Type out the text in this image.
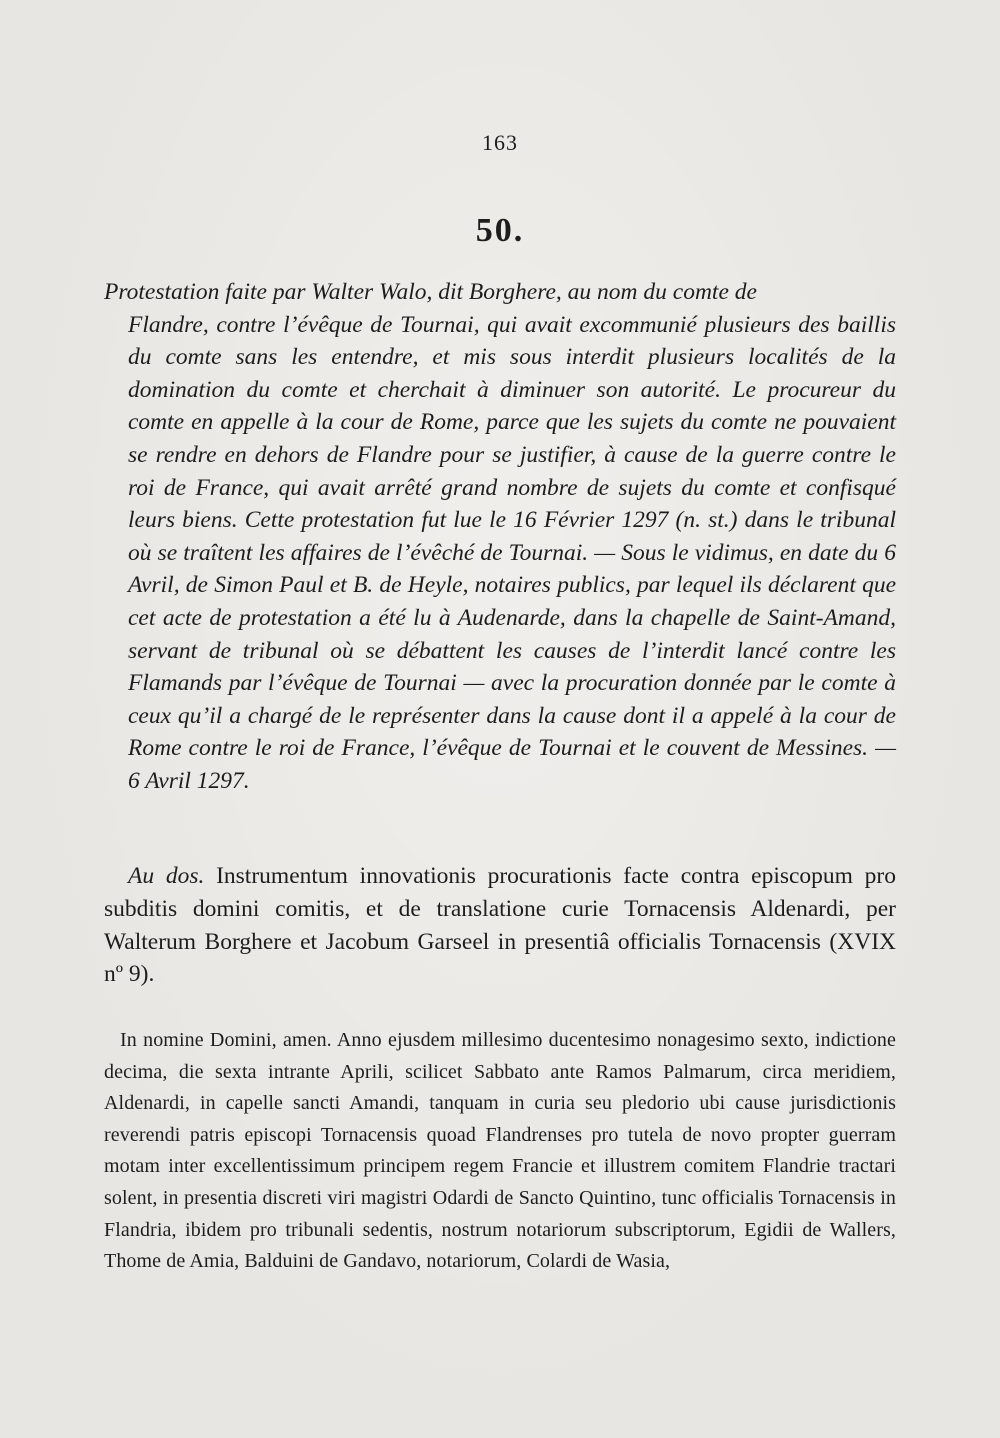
163
50.
Protestation faite par Walter Walo, dit Borghere, au nom du comte de
Flandre, contre l’évêque de Tournai, qui avait excommunié plusieurs des baillis du comte sans les entendre, et mis sous interdit plusieurs localités de la domination du comte et cherchait à diminuer son autorité. Le procureur du comte en appelle à la cour de Rome, parce que les sujets du comte ne pouvaient se rendre en dehors de Flandre pour se justifier, à cause de la guerre contre le roi de France, qui avait arrêté grand nombre de sujets du comte et confisqué leurs biens. Cette protestation fut lue le 16 Février 1297 (n. st.) dans le tribunal où se traîtent les affaires de l’évêché de Tournai. — Sous le vidimus, en date du 6 Avril, de Simon Paul et B. de Heyle, notaires publics, par lequel ils déclarent que cet acte de protestation a été lu à Audenarde, dans la chapelle de Saint-Amand, servant de tribunal où se débattent les causes de l’interdit lancé contre les Flamands par l’évêque de Tournai — avec la procuration donnée par le comte à ceux qu’il a chargé de le représenter dans la cause dont il a appelé à la cour de Rome contre le roi de France, l’évêque de Tournai et le couvent de Messines. — 6 Avril 1297.
Au dos. Instrumentum innovationis procurationis facte contra episcopum pro subditis domini comitis, et de translatione curie Tornacensis Aldenardi, per Walterum Borghere et Jacobum Garseel in presentiâ officialis Tornacensis (XVIX nº 9).
In nomine Domini, amen. Anno ejusdem millesimo ducentesimo nonagesimo sexto, indictione decima, die sexta intrante Aprili, scilicet Sabbato ante Ramos Palmarum, circa meridiem, Aldenardi, in capelle sancti Amandi, tanquam in curia seu pledorio ubi cause jurisdictionis reverendi patris episcopi Tornacensis quoad Flandrenses pro tutela de novo propter guerram motam inter excellentissimum principem regem Francie et illustrem comitem Flandrie tractari solent, in presentia discreti viri magistri Odardi de Sancto Quintino, tunc officialis Tornacensis in Flandria, ibidem pro tribunali sedentis, nostrum notariorum subscriptorum, Egidii de Wallers, Thome de Amia, Balduini de Gandavo, notariorum, Colardi de Wasia,
